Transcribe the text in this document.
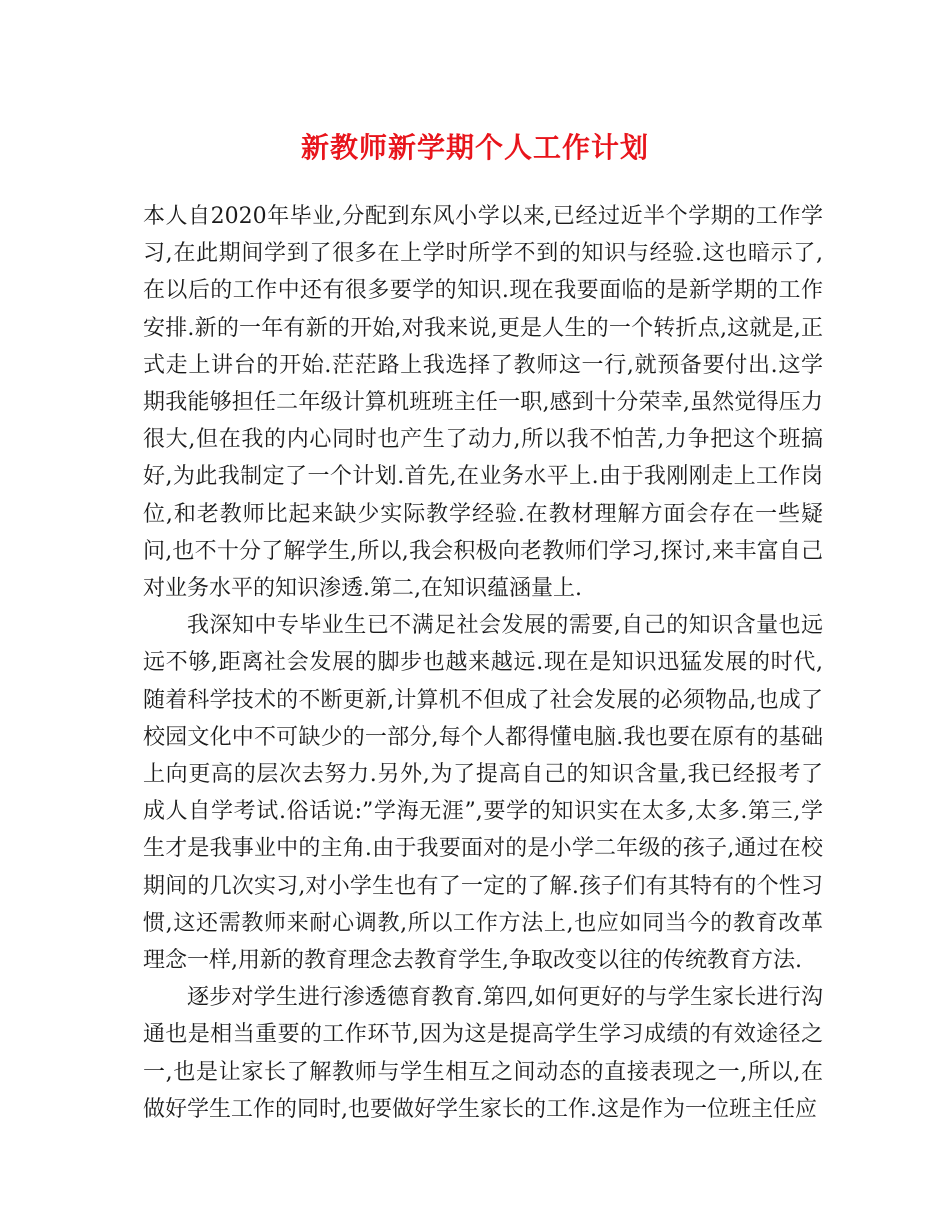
新教师新学期个人工作计划

本人自2020年毕业,分配到东风小学以来,已经过近半个学期的工作学习,在此期间学到了很多在上学时所学不到的知识与经验.这也暗示了,在以后的工作中还有很多要学的知识.现在我要面临的是新学期的工作安排.新的一年有新的开始,对我来说,更是人生的一个转折点,这就是,正式走上讲台的开始.茫茫路上我选择了教师这一行,就预备要付出.这学期我能够担任二年级计算机班班主任一职,感到十分荣幸,虽然觉得压力很大,但在我的内心同时也产生了动力,所以我不怕苦,力争把这个班搞好,为此我制定了一个计划.首先,在业务水平上.由于我刚刚走上工作岗位,和老教师比起来缺少实际教学经验.在教材理解方面会存在一些疑问,也不十分了解学生,所以,我会积极向老教师们学习,探讨,来丰富自己对业务水平的知识渗透.第二,在知识蕴涵量上.

我深知中专毕业生已不满足社会发展的需要,自己的知识含量也远远不够,距离社会发展的脚步也越来越远.现在是知识迅猛发展的时代,随着科学技术的不断更新,计算机不但成了社会发展的必须物品,也成了校园文化中不可缺少的一部分,每个人都得懂电脑.我也要在原有的基础上向更高的层次去努力.另外,为了提高自己的知识含量,我已经报考了成人自学考试.俗话说:”学海无涯”,要学的知识实在太多,太多.第三,学生才是我事业中的主角.由于我要面对的是小学二年级的孩子,通过在校期间的几次实习,对小学生也有了一定的了解.孩子们有其特有的个性习惯,这还需教师来耐心调教,所以工作方法上,也应如同当今的教育改革理念一样,用新的教育理念去教育学生,争取改变以往的传统教育方法.

逐步对学生进行渗透德育教育.第四,如何更好的与学生家长进行沟通也是相当重要的工作环节,因为这是提高学生学习成绩的有效途径之一,也是让家长了解教师与学生相互之间动态的直接表现之一,所以,在做好学生工作的同时,也要做好学生家长的工作.这是作为一位班主任应
